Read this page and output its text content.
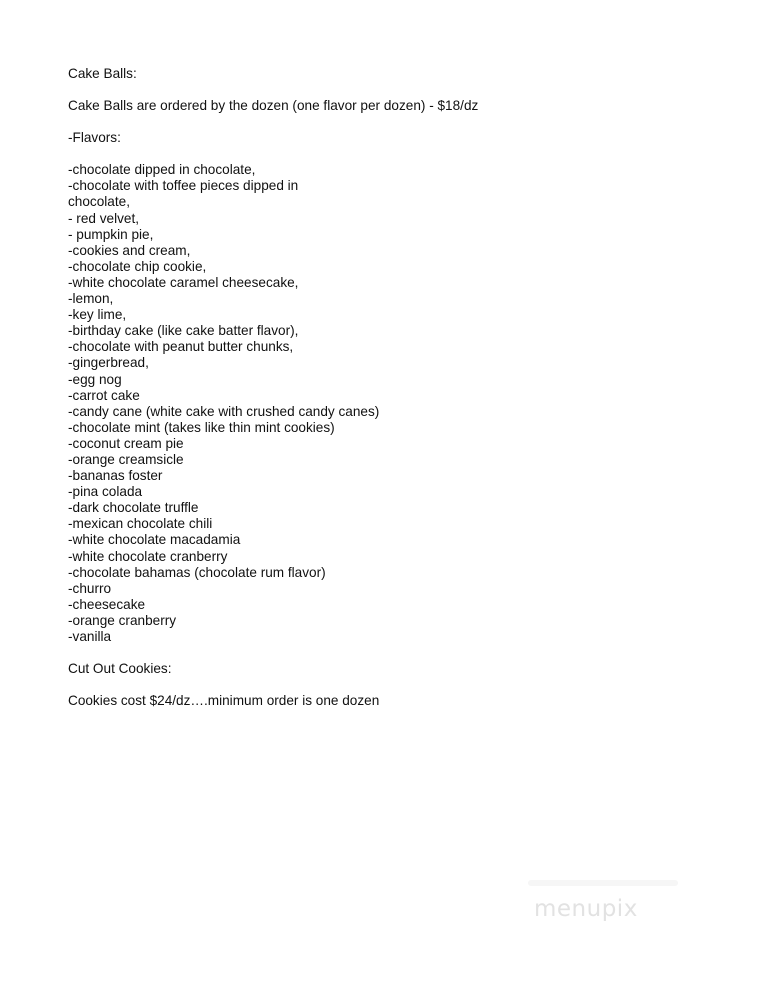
Cake Balls:

Cake Balls are ordered by the dozen (one flavor per dozen) - $18/dz

-Flavors:

-chocolate dipped in chocolate,
-chocolate with toffee pieces dipped in chocolate,
- red velvet,
- pumpkin pie,
-cookies and cream,
-chocolate chip cookie,
-white chocolate caramel cheesecake,
-lemon,
-key lime,
-birthday cake (like cake batter flavor),
-chocolate with peanut butter chunks,
-gingerbread,
-egg nog
-carrot cake
-candy cane (white cake with crushed candy canes)
-chocolate mint (takes like thin mint cookies)
-coconut cream pie
-orange creamsicle
-bananas foster
-pina colada
-dark chocolate truffle
-mexican chocolate chili
-white chocolate macadamia
-white chocolate cranberry
-chocolate bahamas (chocolate rum flavor)
-churro
-cheesecake
-orange cranberry
-vanilla

Cut Out Cookies:

Cookies cost $24/dz….minimum order is one dozen

menupix
